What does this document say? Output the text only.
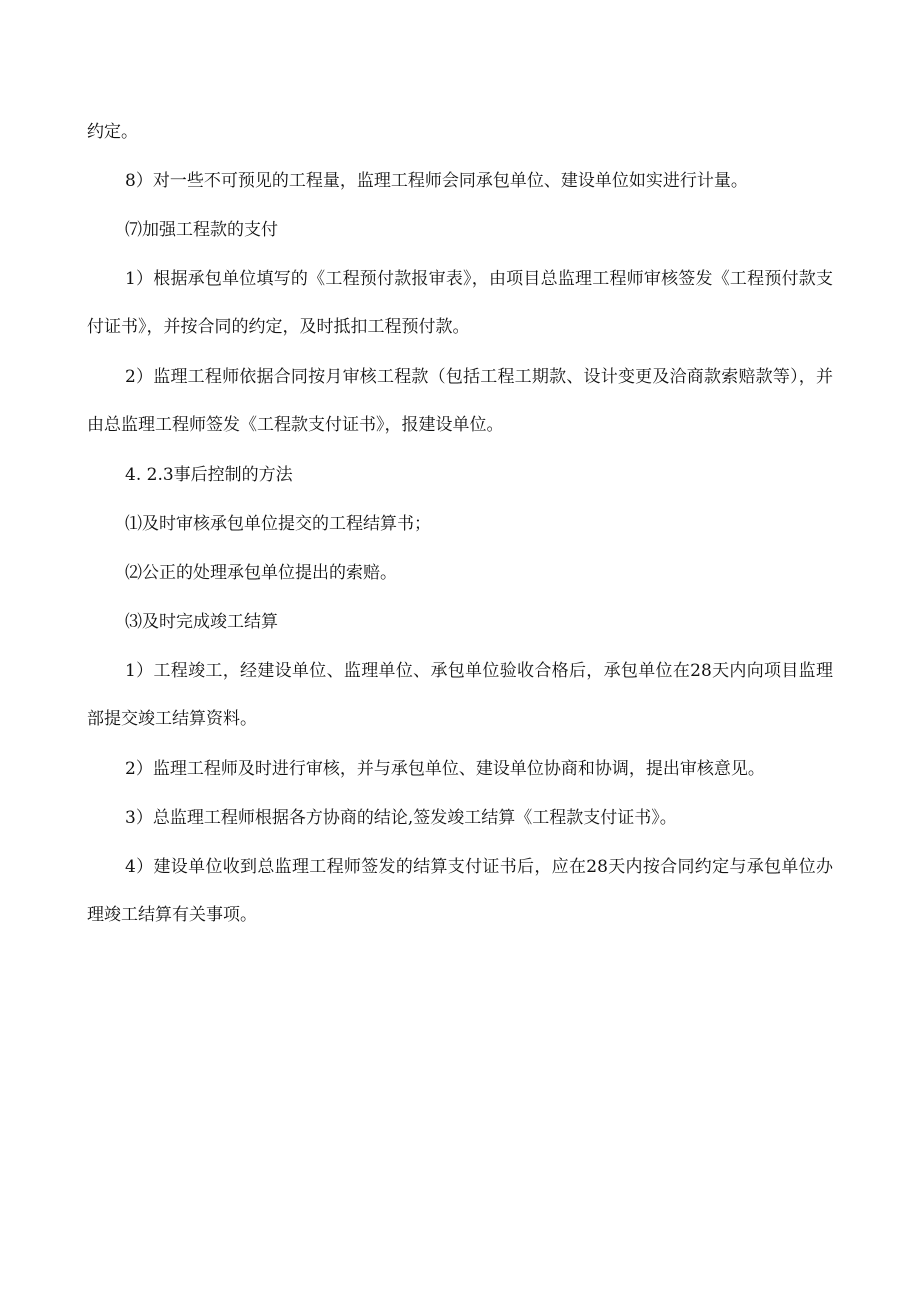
约定。

8）对一些不可预见的工程量，监理工程师会同承包单位、建设单位如实进行计量。

⑺加强工程款的支付

1）根据承包单位填写的《工程预付款报审表》，由项目总监理工程师审核签发《工程预付款支付证书》，并按合同的约定，及时抵扣工程预付款。

2）监理工程师依据合同按月审核工程款（包括工程工期款、设计变更及洽商款索赔款等），并由总监理工程师签发《工程款支付证书》，报建设单位。

4. 2.3事后控制的方法

⑴及时审核承包单位提交的工程结算书；

⑵公正的处理承包单位提出的索赔。

⑶及时完成竣工结算

1）工程竣工，经建设单位、监理单位、承包单位验收合格后，承包单位在28天内向项目监理部提交竣工结算资料。

2）监理工程师及时进行审核，并与承包单位、建设单位协商和协调，提出审核意见。

3）总监理工程师根据各方协商的结论,签发竣工结算《工程款支付证书》。

4）建设单位收到总监理工程师签发的结算支付证书后，应在28天内按合同约定与承包单位办理竣工结算有关事项。
